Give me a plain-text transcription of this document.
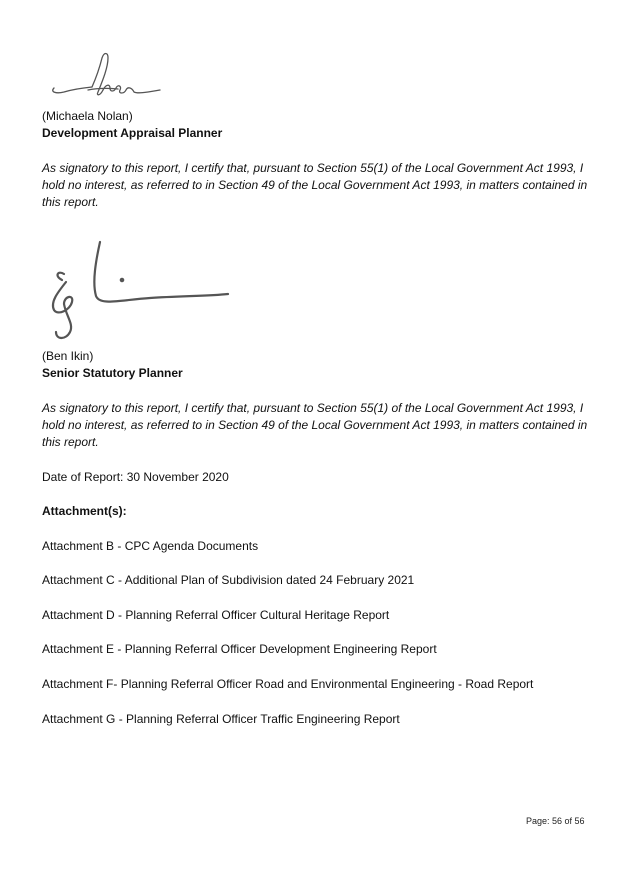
(Michaela Nolan)
Development Appraisal Planner
As signatory to this report, I certify that, pursuant to Section 55(1) of the Local Government Act 1993, I hold no interest, as referred to in Section 49 of the Local Government Act 1993, in matters contained in this report.
(Ben Ikin)
Senior Statutory Planner
As signatory to this report, I certify that, pursuant to Section 55(1) of the Local Government Act 1993, I hold no interest, as referred to in Section 49 of the Local Government Act 1993, in matters contained in this report.
Date of Report: 30 November 2020
Attachment(s):
Attachment B - CPC Agenda Documents
Attachment C - Additional Plan of Subdivision dated 24 February 2021
Attachment D - Planning Referral Officer Cultural Heritage Report
Attachment E - Planning Referral Officer Development Engineering Report
Attachment F- Planning Referral Officer Road and Environmental Engineering - Road Report
Attachment G - Planning Referral Officer Traffic Engineering Report
Page: 56 of 56
